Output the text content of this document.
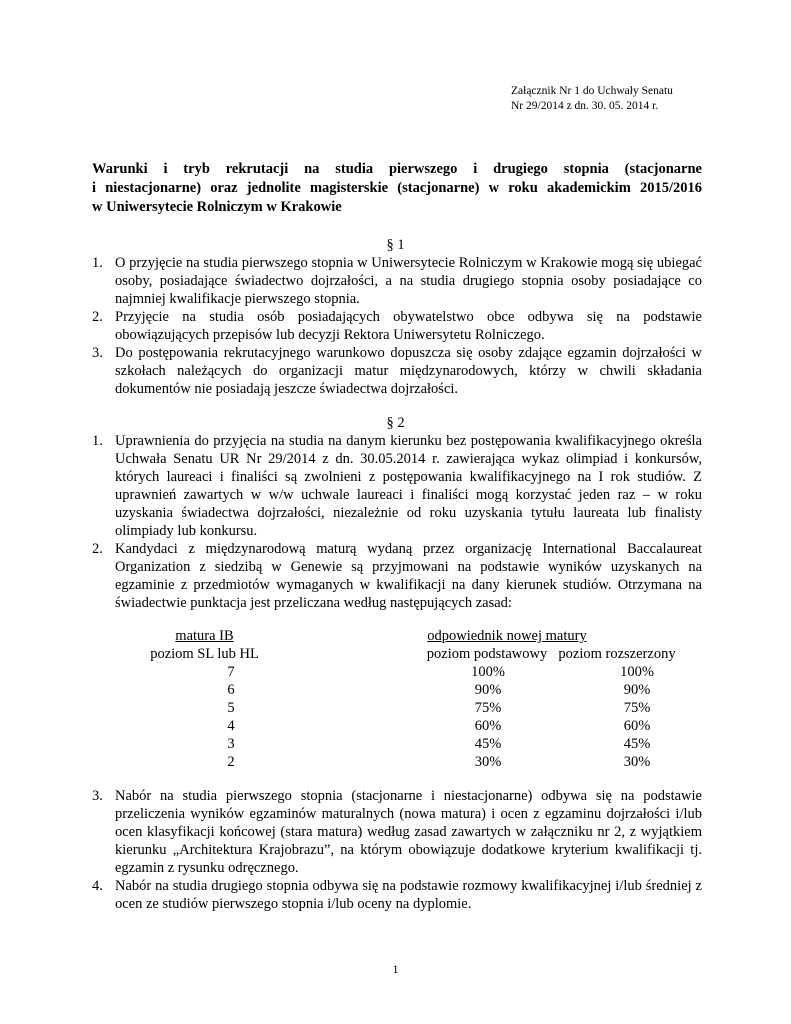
Załącznik Nr 1 do Uchwały Senatu
Nr 29/2014 z dn. 30. 05. 2014 r.
Warunki i tryb rekrutacji na studia pierwszego i drugiego stopnia (stacjonarne
i niestacjonarne) oraz jednolite magisterskie (stacjonarne) w roku akademickim 2015/2016
w Uniwersytecie Rolniczym w Krakowie
§ 1
1. O przyjęcie na studia pierwszego stopnia w Uniwersytecie Rolniczym w Krakowie mogą się ubiegać osoby, posiadające świadectwo dojrzałości, a na studia drugiego stopnia osoby posiadające co najmniej kwalifikacje pierwszego stopnia.
2. Przyjęcie na studia osób posiadających obywatelstwo obce odbywa się na podstawie obowiązujących przepisów lub decyzji Rektora Uniwersytetu Rolniczego.
3. Do postępowania rekrutacyjnego warunkowo dopuszcza się osoby zdające egzamin dojrzałości w szkołach należących do organizacji matur międzynarodowych, którzy w chwili składania dokumentów nie posiadają jeszcze świadectwa dojrzałości.
§ 2
1. Uprawnienia do przyjęcia na studia na danym kierunku bez postępowania kwalifikacyjnego określa Uchwała Senatu UR Nr 29/2014 z dn. 30.05.2014 r. zawierająca wykaz olimpiad i konkursów, których laureaci i finaliści są zwolnieni z postępowania kwalifikacyjnego na I rok studiów. Z uprawnień zawartych w w/w uchwale laureaci i finaliści mogą korzystać jeden raz – w roku uzyskania świadectwa dojrzałości, niezależnie od roku uzyskania tytułu laureata lub finalisty olimpiady lub konkursu.
2. Kandydaci z międzynarodową maturą wydaną przez organizację International Baccalaureat Organization z siedzibą w Genewie są przyjmowani na podstawie wyników uzyskanych na egzaminie z przedmiotów wymaganych w kwalifikacji na dany kierunek studiów. Otrzymana na świadectwie punktacja jest przeliczana według następujących zasad:
matura IB	odpowiednik nowej matury
poziom SL lub HL	poziom podstawowy poziom rozszerzony
7	100%	100%
6	90%	90%
5	75%	75%
4	60%	60%
3	45%	45%
2	30%	30%
3. Nabór na studia pierwszego stopnia (stacjonarne i niestacjonarne) odbywa się na podstawie przeliczenia wyników egzaminów maturalnych (nowa matura) i ocen z egzaminu dojrzałości i/lub ocen klasyfikacji końcowej (stara matura) według zasad zawartych w załączniku nr 2, z wyjątkiem kierunku „Architektura Krajobrazu”, na którym obowiązuje dodatkowe kryterium kwalifikacji tj. egzamin z rysunku odręcznego.
4. Nabór na studia drugiego stopnia odbywa się na podstawie rozmowy kwalifikacyjnej i/lub średniej z ocen ze studiów pierwszego stopnia i/lub oceny na dyplomie.
1
